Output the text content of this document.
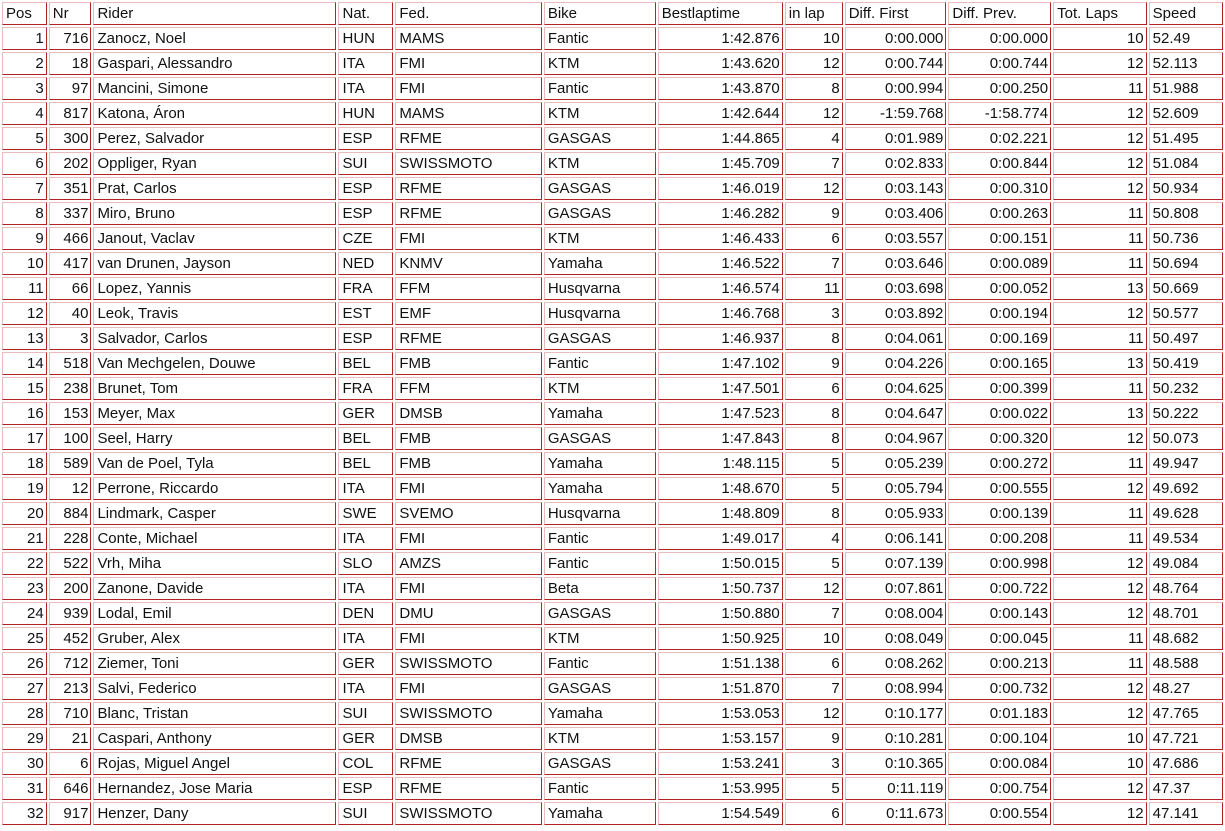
Pos	Nr	Rider	Nat.	Fed.	Bike	Bestlaptime	in lap	Diff. First	Diff. Prev.	Tot. Laps	Speed
1	716	Zanocz, Noel	HUN	MAMS	Fantic	1:42.876	10	0:00.000	0:00.000	10	52.49
2	18	Gaspari, Alessandro	ITA	FMI	KTM	1:43.620	12	0:00.744	0:00.744	12	52.113
3	97	Mancini, Simone	ITA	FMI	Fantic	1:43.870	8	0:00.994	0:00.250	11	51.988
4	817	Katona, Áron	HUN	MAMS	KTM	1:42.644	12	-1:59.768	-1:58.774	12	52.609
5	300	Perez, Salvador	ESP	RFME	GASGAS	1:44.865	4	0:01.989	0:02.221	12	51.495
6	202	Oppliger, Ryan	SUI	SWISSMOTO	KTM	1:45.709	7	0:02.833	0:00.844	12	51.084
7	351	Prat, Carlos	ESP	RFME	GASGAS	1:46.019	12	0:03.143	0:00.310	12	50.934
8	337	Miro, Bruno	ESP	RFME	GASGAS	1:46.282	9	0:03.406	0:00.263	11	50.808
9	466	Janout, Vaclav	CZE	FMI	KTM	1:46.433	6	0:03.557	0:00.151	11	50.736
10	417	van Drunen, Jayson	NED	KNMV	Yamaha	1:46.522	7	0:03.646	0:00.089	11	50.694
11	66	Lopez, Yannis	FRA	FFM	Husqvarna	1:46.574	11	0:03.698	0:00.052	13	50.669
12	40	Leok, Travis	EST	EMF	Husqvarna	1:46.768	3	0:03.892	0:00.194	12	50.577
13	3	Salvador, Carlos	ESP	RFME	GASGAS	1:46.937	8	0:04.061	0:00.169	11	50.497
14	518	Van Mechgelen, Douwe	BEL	FMB	Fantic	1:47.102	9	0:04.226	0:00.165	13	50.419
15	238	Brunet, Tom	FRA	FFM	KTM	1:47.501	6	0:04.625	0:00.399	11	50.232
16	153	Meyer, Max	GER	DMSB	Yamaha	1:47.523	8	0:04.647	0:00.022	13	50.222
17	100	Seel, Harry	BEL	FMB	GASGAS	1:47.843	8	0:04.967	0:00.320	12	50.073
18	589	Van de Poel, Tyla	BEL	FMB	Yamaha	1:48.115	5	0:05.239	0:00.272	11	49.947
19	12	Perrone, Riccardo	ITA	FMI	Yamaha	1:48.670	5	0:05.794	0:00.555	12	49.692
20	884	Lindmark, Casper	SWE	SVEMO	Husqvarna	1:48.809	8	0:05.933	0:00.139	11	49.628
21	228	Conte, Michael	ITA	FMI	Fantic	1:49.017	4	0:06.141	0:00.208	11	49.534
22	522	Vrh, Miha	SLO	AMZS	Fantic	1:50.015	5	0:07.139	0:00.998	12	49.084
23	200	Zanone, Davide	ITA	FMI	Beta	1:50.737	12	0:07.861	0:00.722	12	48.764
24	939	Lodal, Emil	DEN	DMU	GASGAS	1:50.880	7	0:08.004	0:00.143	12	48.701
25	452	Gruber, Alex	ITA	FMI	KTM	1:50.925	10	0:08.049	0:00.045	11	48.682
26	712	Ziemer, Toni	GER	SWISSMOTO	Fantic	1:51.138	6	0:08.262	0:00.213	11	48.588
27	213	Salvi, Federico	ITA	FMI	GASGAS	1:51.870	7	0:08.994	0:00.732	12	48.27
28	710	Blanc, Tristan	SUI	SWISSMOTO	Yamaha	1:53.053	12	0:10.177	0:01.183	12	47.765
29	21	Caspari, Anthony	GER	DMSB	KTM	1:53.157	9	0:10.281	0:00.104	10	47.721
30	6	Rojas, Miguel Angel	COL	RFME	GASGAS	1:53.241	3	0:10.365	0:00.084	10	47.686
31	646	Hernandez, Jose Maria	ESP	RFME	Fantic	1:53.995	5	0:11.119	0:00.754	12	47.37
32	917	Henzer, Dany	SUI	SWISSMOTO	Yamaha	1:54.549	6	0:11.673	0:00.554	12	47.141
